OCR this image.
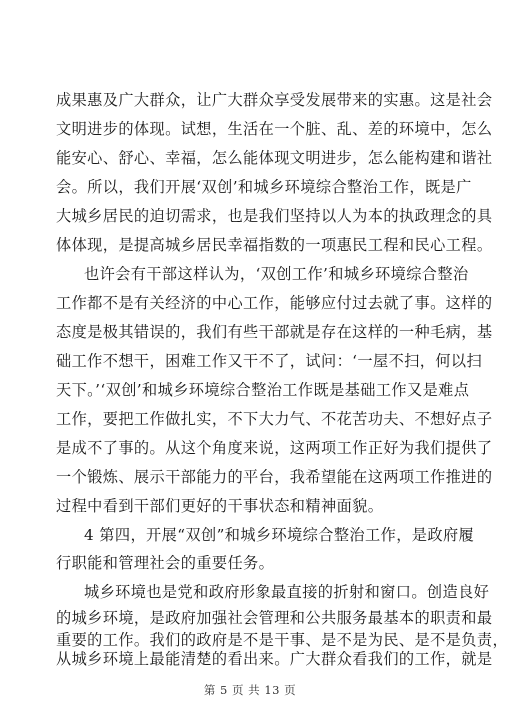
成果惠及广大群众，让广大群众享受发展带来的实惠。这是社会
文明进步的体现。试想，生活在一个脏、乱、差的环境中，怎么
能安心、舒心、幸福，怎么能体现文明进步，怎么能构建和谐社
会。所以，我们开展‘双创’和城乡环境综合整治工作，既是广
大城乡居民的迫切需求，也是我们坚持以人为本的执政理念的具
体体现，是提高城乡居民幸福指数的一项惠民工程和民心工程。
也许会有干部这样认为，‘双创工作’和城乡环境综合整治
工作都不是有关经济的中心工作，能够应付过去就了事。这样的
态度是极其错误的，我们有些干部就是存在这样的一种毛病，基
础工作不想干，困难工作又干不了，试问：‘一屋不扫，何以扫
天下。’‘双创’和城乡环境综合整治工作既是基础工作又是难点
工作，要把工作做扎实，不下大力气、不花苦功夫、不想好点子
是成不了事的。从这个角度来说，这两项工作正好为我们提供了
一个锻炼、展示干部能力的平台，我希望能在这两项工作推进的
过程中看到干部们更好的干事状态和精神面貌。
4 第四，开展“双创”和城乡环境综合整治工作，是政府履
行职能和管理社会的重要任务。
城乡环境也是党和政府形象最直接的折射和窗口。创造良好
的城乡环境，是政府加强社会管理和公共服务最基本的职责和最
重要的工作。我们的政府是不是干事、是不是为民、是不是负责，
第 5 页 共 13 页
从城乡环境上最能清楚的看出来。广大群众看我们的工作，就是
